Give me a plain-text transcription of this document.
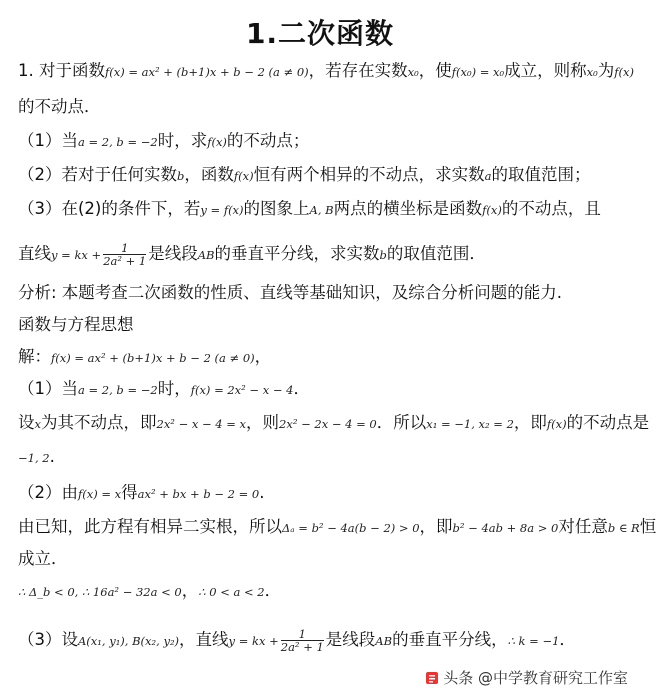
1.二次函数
1. 对于函数f(x) = ax² + (b+1)x + b − 2 (a ≠ 0)，若存在实数x₀，使f(x₀) = x₀成立，则称x₀为f(x)
的不动点．
（1）当a = 2, b = −2时，求f(x)的不动点；
（2）若对于任何实数b，函数f(x)恒有两个相异的不动点，求实数a的取值范围；
（3）在(2)的条件下，若y = f(x)的图象上A, B两点的横坐标是函数f(x)的不动点，且
直线y = kx + $\frac{1}{\text{2a² + 1}}$ 是线段AB的垂直平分线，求实数b的取值范围．
分析: 本题考查二次函数的性质、直线等基础知识，及综合分析问题的能力.
函数与方程思想
解：f(x) = ax² + (b+1)x + b − 2 (a ≠ 0)，
（1）当a = 2, b = −2时，f(x) = 2x² − x − 4．
设x为其不动点，即2x² − x − 4 = x，则2x² − 2x − 4 = 0．所以x₁ = −1, x₂ = 2，即f(x)的不动点是
−1, 2.
（2）由f(x) = x得ax² + bx + b − 2 = 0.
由已知，此方程有相异二实根，所以Δₐ = b² − 4a(b − 2) > 0，即b² − 4ab + 8a > 0对任意b ∈ R恒
成立．
∴ Δ_b < 0, ∴ 16a² − 32a < 0，∴ 0 < a < 2．
（3）设A(x₁, y₁), B(x₂, y₂)，直线y = kx + $\frac{1}{\text{2a² + 1}}$ 是线段AB的垂直平分线，∴ k = −1．
头条 @中学教育研究工作室
